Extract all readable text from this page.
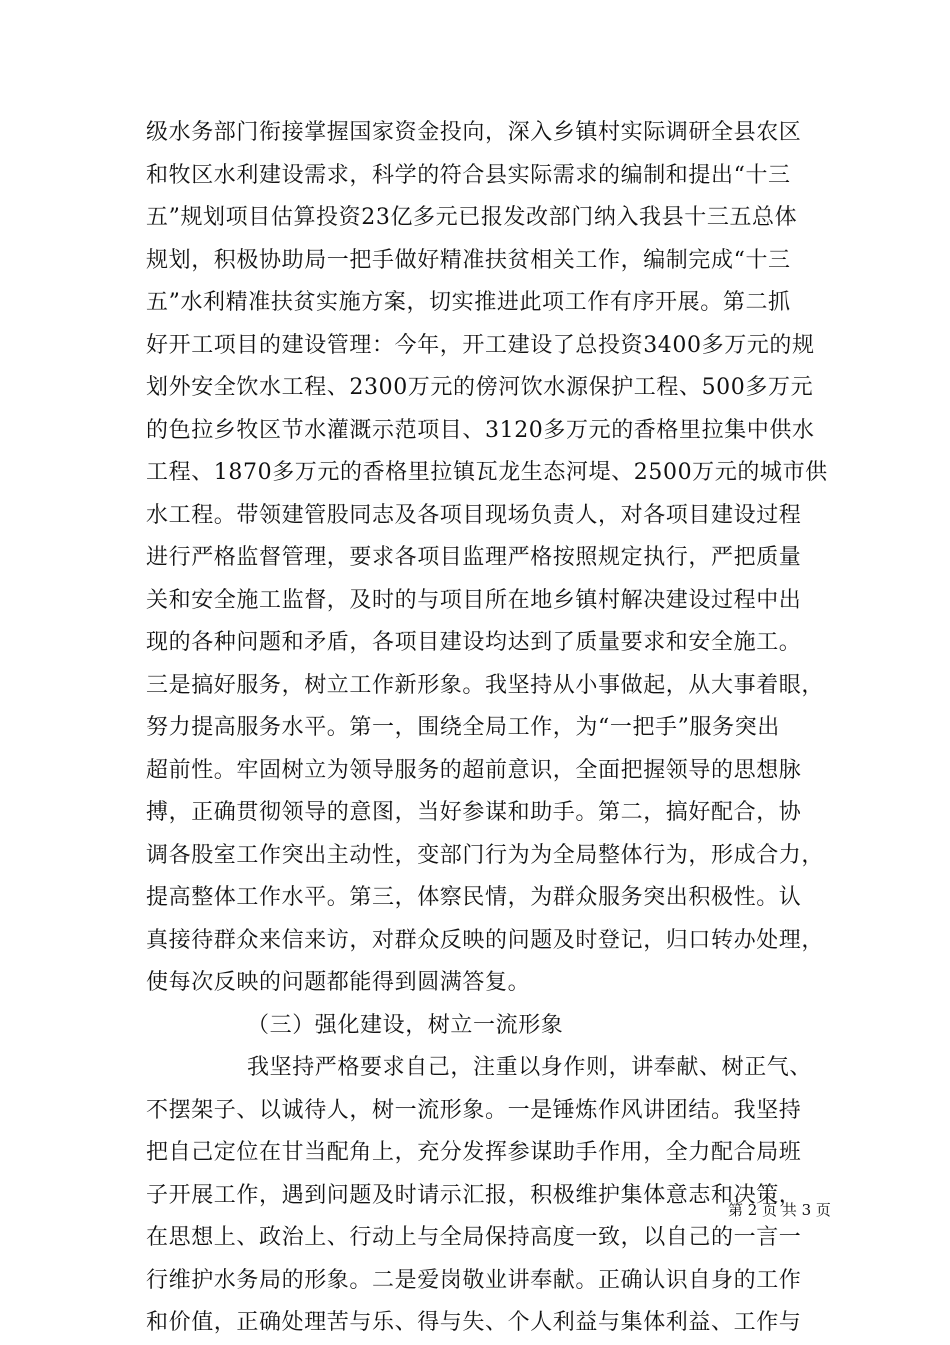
级水务部门衔接掌握国家资金投向，深入乡镇村实际调研全县农区
和牧区水利建设需求，科学的符合县实际需求的编制和提出“十三
五”规划项目估算投资23亿多元已报发改部门纳入我县十三五总体
规划，积极协助局一把手做好精准扶贫相关工作，编制完成“十三
五”水利精准扶贫实施方案，切实推进此项工作有序开展。第二抓
好开工项目的建设管理：今年，开工建设了总投资3400多万元的规
划外安全饮水工程、2300万元的傍河饮水源保护工程、500多万元
的色拉乡牧区节水灌溉示范项目、3120多万元的香格里拉集中供水
工程、1870多万元的香格里拉镇瓦龙生态河堤、2500万元的城市供
水工程。带领建管股同志及各项目现场负责人，对各项目建设过程
进行严格监督管理，要求各项目监理严格按照规定执行，严把质量
关和安全施工监督，及时的与项目所在地乡镇村解决建设过程中出
现的各种问题和矛盾，各项目建设均达到了质量要求和安全施工。
三是搞好服务，树立工作新形象。我坚持从小事做起，从大事着眼，
努力提高服务水平。第一，围绕全局工作，为“一把手”服务突出
超前性。牢固树立为领导服务的超前意识，全面把握领导的思想脉
搏，正确贯彻领导的意图，当好参谋和助手。第二，搞好配合，协
调各股室工作突出主动性，变部门行为为全局整体行为，形成合力，
提高整体工作水平。第三，体察民情，为群众服务突出积极性。认
真接待群众来信来访，对群众反映的问题及时登记，归口转办处理，
使每次反映的问题都能得到圆满答复。
（三）强化建设，树立一流形象
我坚持严格要求自己，注重以身作则，讲奉献、树正气、
不摆架子、以诚待人，树一流形象。一是锤炼作风讲团结。我坚持
把自己定位在甘当配角上，充分发挥参谋助手作用，全力配合局班
子开展工作，遇到问题及时请示汇报，积极维护集体意志和决策，
在思想上、政治上、行动上与全局保持高度一致，以自己的一言一
行维护水务局的形象。二是爱岗敬业讲奉献。正确认识自身的工作
和价值，正确处理苦与乐、得与失、个人利益与集体利益、工作与
第 2 页 共 3 页
